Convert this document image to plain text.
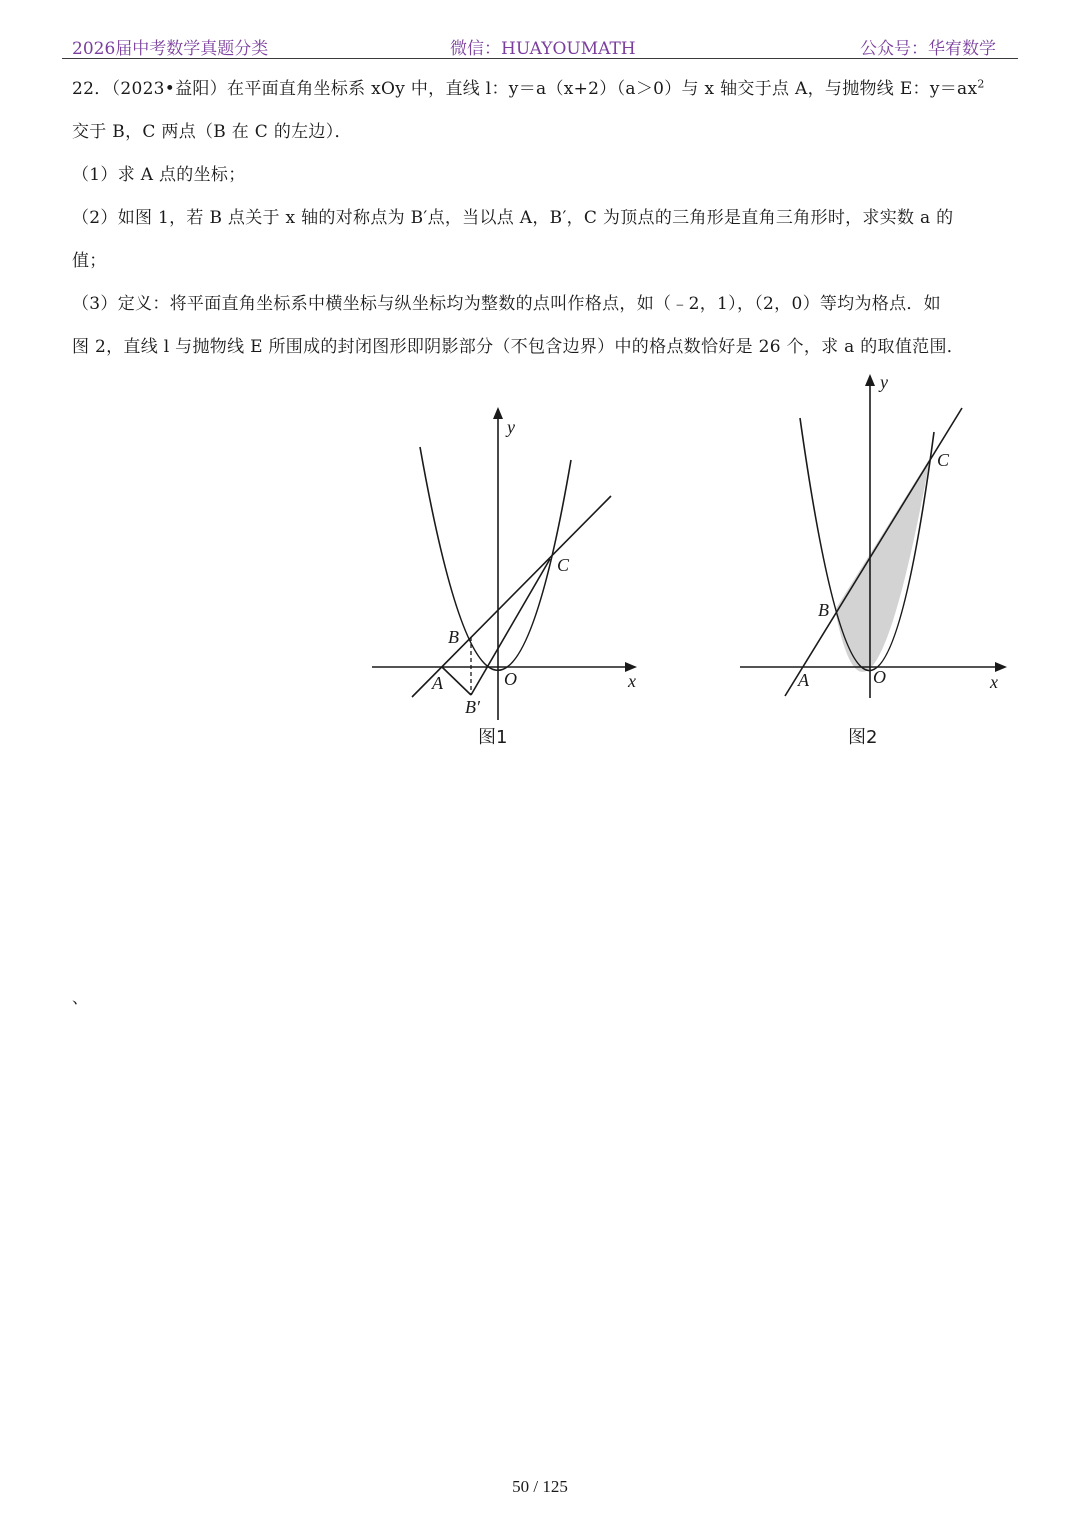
2026届中考数学真题分类	微信：HUAYOUMATH	公众号：华宥数学
22．（2023•益阳）在平面直角坐标系 xOy 中，直线 l：y＝a（x+2）（a＞0）与 x 轴交于点 A，与抛物线 E：$y=ax^2$
交于 B，C 两点（B 在 C 的左边）．
（1）求 A 点的坐标；
（2）如图 1，若 B 点关于 x 轴的对称点为 B′点，当以点 A，B′，C 为顶点的三角形是直角三角形时，求实数 a 的
值；
（3）定义：将平面直角坐标系中横坐标与纵坐标均为整数的点叫作格点，如（﹣2，1），（2，0）等均为格点．如
图 2，直线 l 与抛物线 E 所围成的封闭图形即阴影部分（不包含边界）中的格点数恰好是 26 个，求 a 的取值范围．
y
x
O
A
B
B′
C
图1
y
x
O
A
B
C
图2
、
50 / 125
